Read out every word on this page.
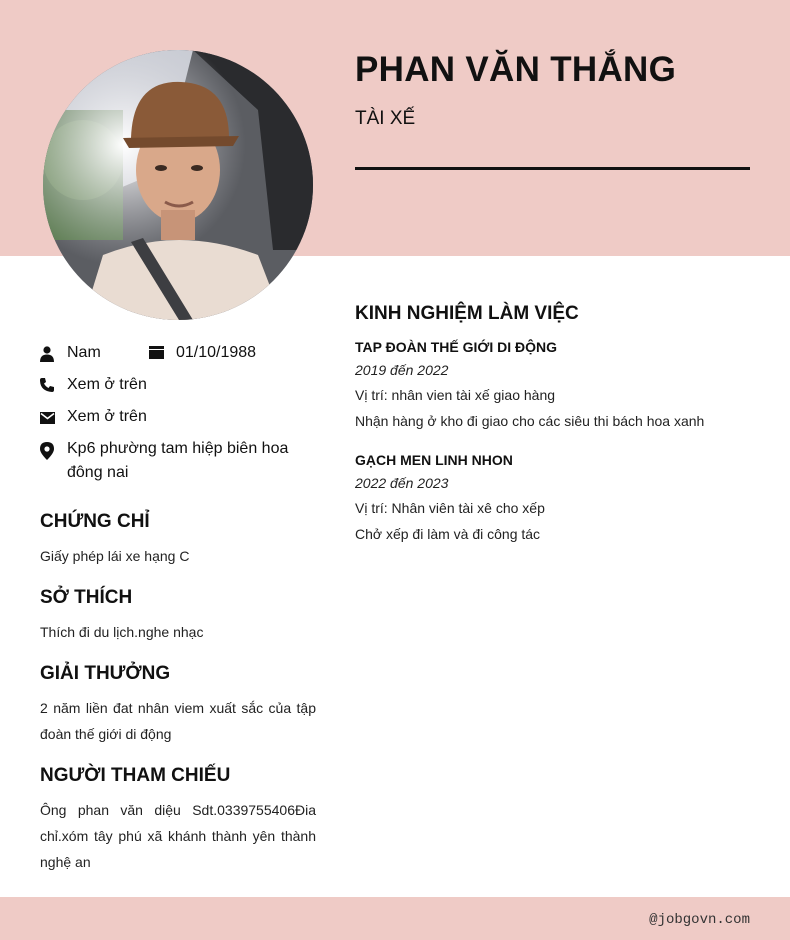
PHAN VĂN THẮNG
TÀI XẾ
Nam	01/10/1988
Xem ở trên
Xem ở trên
Kp6 phường tam hiệp biên hoa
đông nai
CHỨNG CHỈ
Giấy phép lái xe hạng C
SỞ THÍCH
Thích đi du lịch.nghe nhạc
GIẢI THƯỞNG
2 năm liền đat nhân viem xuất sắc của tập đoàn thế giới di động
NGƯỜI THAM CHIẾU
Ông phan văn diệu Sdt.0339755406Đia chỉ.xóm tây phú xã khánh thành yên thành nghệ an
KINH NGHIỆM LÀM VIỆC
TAP ĐOÀN THẾ GIỚI DI ĐỘNG
2019 đến 2022
Vị trí: nhân vien tài xế giao hàng
Nhận hàng ở kho đi giao cho các siêu thi bách hoa xanh
GẠCH MEN LINH NHON
2022 đến 2023
Vị trí: Nhân viên tài xê cho xếp
Chở xếp đi làm và đi công tác
@jobgovn.com
